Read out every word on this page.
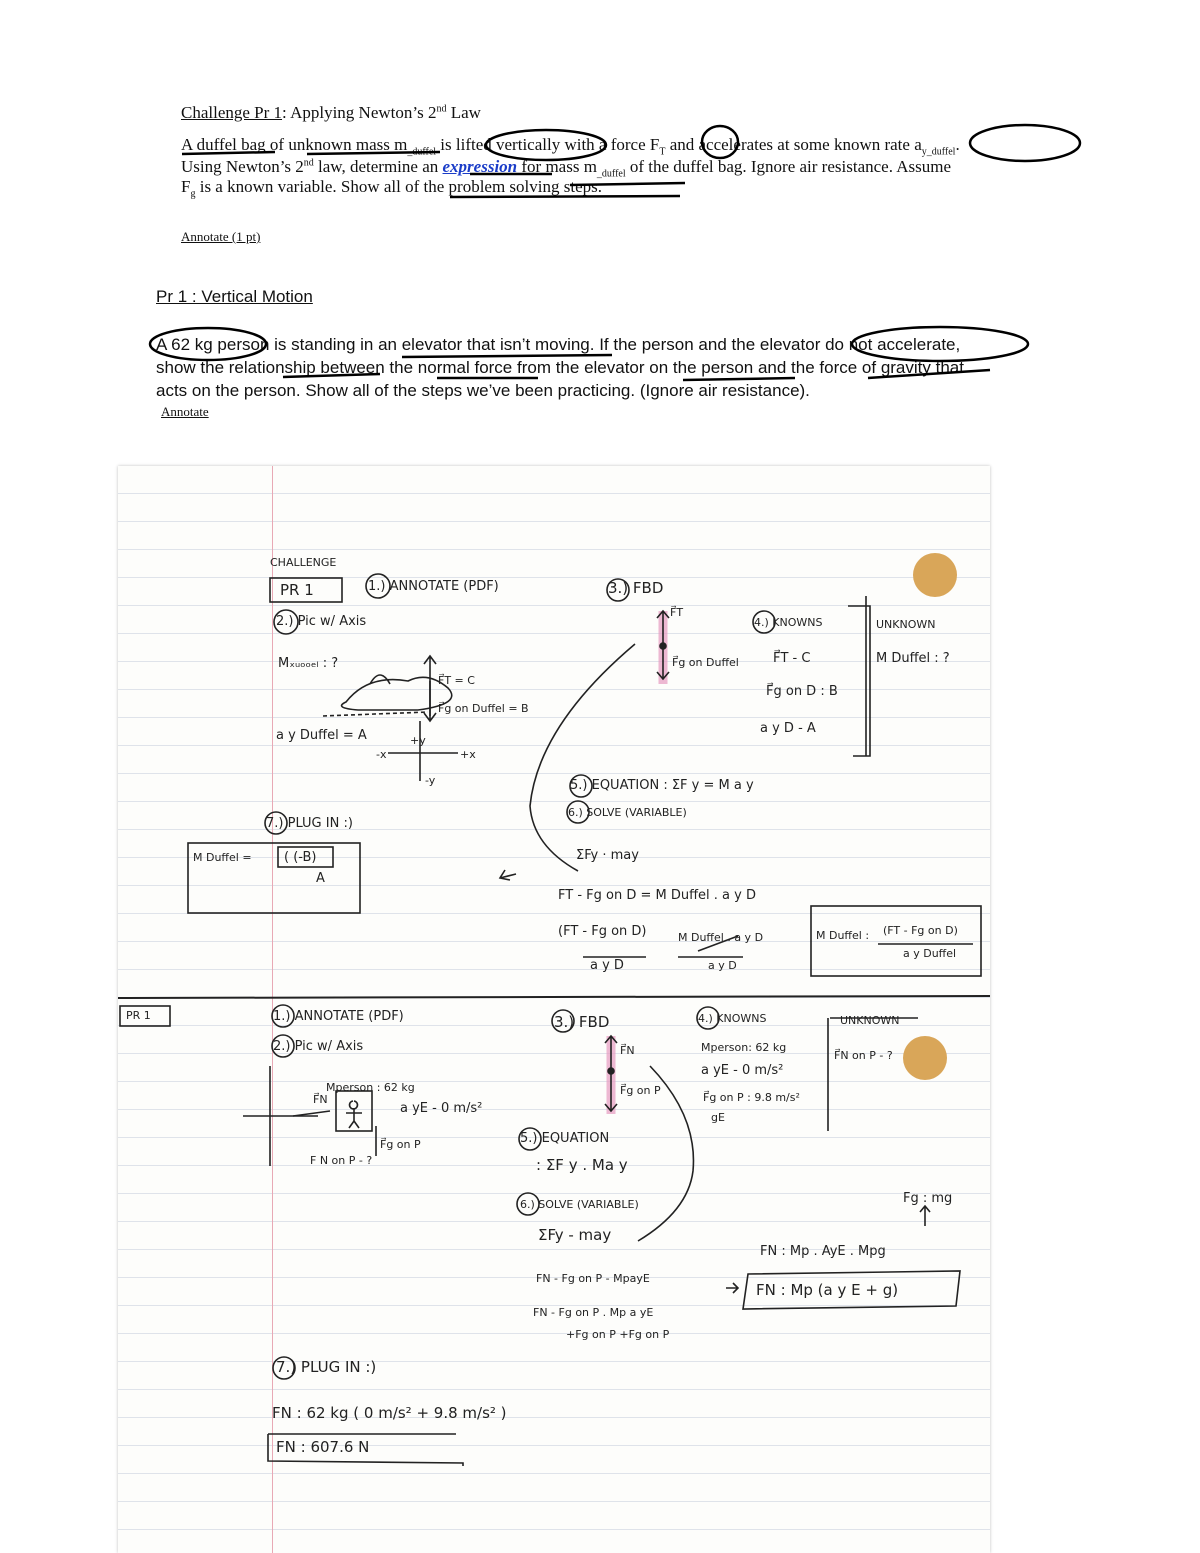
Challenge Pr 1: Applying Newton’s 2nd Law
A duffel bag of unknown mass $m_{\_duffel}$ is lifted vertically with a force $F_T$ and accelerates at some known rate $a_{y\_duffel}$.
Using Newton’s 2nd law, determine an expression for mass $m_{\_duffel}$ of the duffel bag. Ignore air resistance. Assume
$F_g$ is a known variable. Show all of the problem solving steps.
Annotate (1 pt)
Pr 1 : Vertical Motion
A 62 kg person is standing in an elevator that isn’t moving. If the person and the elevator do not accelerate,
show the relationship between the normal force from the elevator on the person and the force of gravity that
acts on the person. Show all of the steps we’ve been practicing. (Ignore air resistance).
Annotate
CHALLENGE
PR 1	1.) ANNOTATE (PDF)
2.) Pic w/ Axis
Mₓᵤₒₒₑₗ : ?
F⃗T = C
F⃗g on Duffel = B
a y Duffel = A	+y
+x
-x
-y
7.) PLUG IN :)
M Duffel = ( (-B)
A
3.) FBD
F⃗T
F⃗g on Duffel
4.) KNOWNS
F⃗T - C
F⃗g on D : B
a y D - A
UNKNOWN
M Duffel : ?
5.) EQUATION : ΣF y = M a y
6.) SOLVE (VARIABLE)
ΣFy · may
FT - Fg on D = M Duffel . a y D
(FT - Fg on D)
a y D
M Duffel . a y D
a y D
M Duffel : (FT - Fg on D)
a y Duffel
PR 1	1.) ANNOTATE (PDF)
2.) Pic w/ Axis
Mperson : 62 kg
a yE - 0 m/s²
F⃗N
F⃗g on P
F N on P - ?
3.) FBD
F⃗N
F⃗g on P
4.) KNOWNS
Mperson: 62 kg
a yE - 0 m/s²
F⃗g on P : 9.8 m/s²
gE
UNKNOWN
F⃗N on P - ?
5.) EQUATION
: ΣF y . Ma y
6.) SOLVE (VARIABLE)
ΣFy - may
FN - Fg on P - MpayE
FN - Fg on P . Mp a yE
+Fg on P +Fg on P
Fg : mg
FN : Mp . AyE . Mpg
FN : Mp (a y E + g)
7.) PLUG IN :)
FN : 62 kg ( 0 m/s² + 9.8 m/s² )
FN : 607.6 N
